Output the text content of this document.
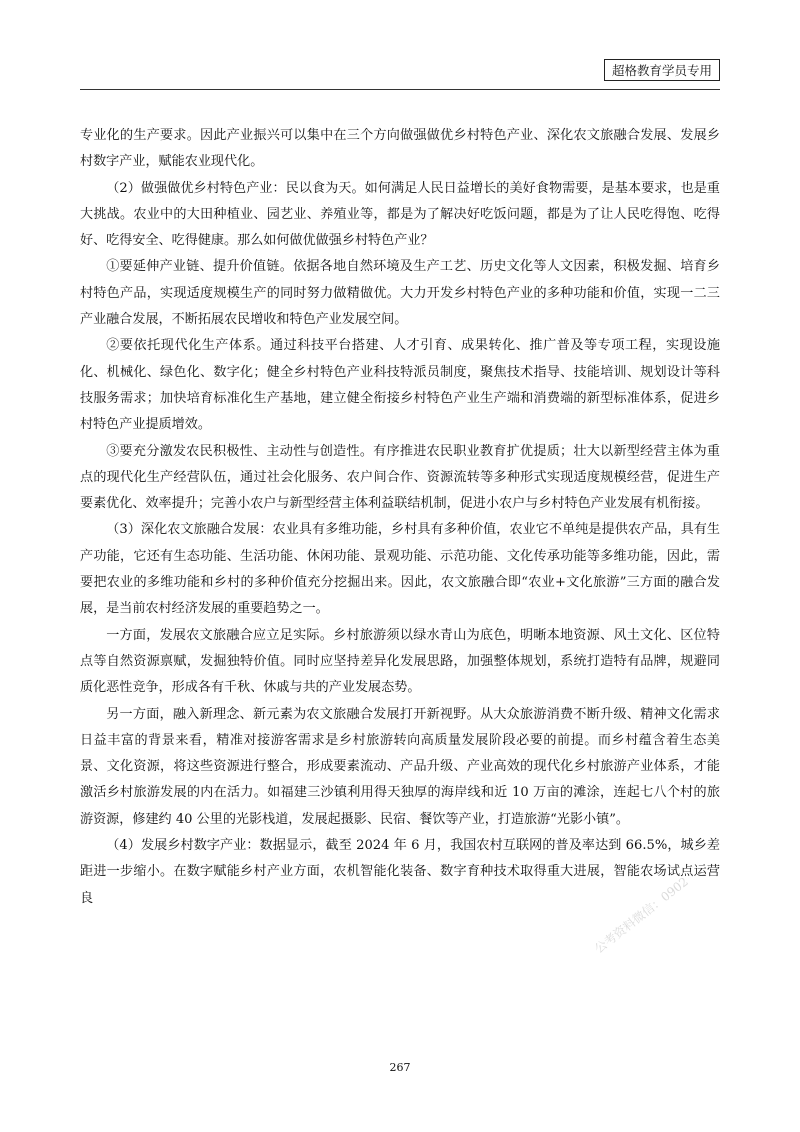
超格教育学员专用

专业化的生产要求。因此产业振兴可以集中在三个方向做强做优乡村特色产业、深化农文旅融合发展、发展乡村数字产业，赋能农业现代化。

（2）做强做优乡村特色产业：民以食为天。如何满足人民日益增长的美好食物需要，是基本要求，也是重大挑战。农业中的大田种植业、园艺业、养殖业等，都是为了解决好吃饭问题，都是为了让人民吃得饱、吃得好、吃得安全、吃得健康。那么如何做优做强乡村特色产业？

①要延伸产业链、提升价值链。依据各地自然环境及生产工艺、历史文化等人文因素，积极发掘、培育乡村特色产品，实现适度规模生产的同时努力做精做优。大力开发乡村特色产业的多种功能和价值，实现一二三产业融合发展，不断拓展农民增收和特色产业发展空间。

②要依托现代化生产体系。通过科技平台搭建、人才引育、成果转化、推广普及等专项工程，实现设施化、机械化、绿色化、数字化；健全乡村特色产业科技特派员制度，聚焦技术指导、技能培训、规划设计等科技服务需求；加快培育标准化生产基地，建立健全衔接乡村特色产业生产端和消费端的新型标准体系，促进乡村特色产业提质增效。

③要充分激发农民积极性、主动性与创造性。有序推进农民职业教育扩优提质；壮大以新型经营主体为重点的现代化生产经营队伍，通过社会化服务、农户间合作、资源流转等多种形式实现适度规模经营，促进生产要素优化、效率提升；完善小农户与新型经营主体利益联结机制，促进小农户与乡村特色产业发展有机衔接。

（3）深化农文旅融合发展：农业具有多维功能，乡村具有多种价值，农业它不单纯是提供农产品，具有生产功能，它还有生态功能、生活功能、休闲功能、景观功能、示范功能、文化传承功能等多维功能，因此，需要把农业的多维功能和乡村的多种价值充分挖掘出来。因此，农文旅融合即“农业+文化旅游”三方面的融合发展，是当前农村经济发展的重要趋势之一。

一方面，发展农文旅融合应立足实际。乡村旅游须以绿水青山为底色，明晰本地资源、风土文化、区位特点等自然资源禀赋，发掘独特价值。同时应坚持差异化发展思路，加强整体规划，系统打造特有品牌，规避同质化恶性竞争，形成各有千秋、休戚与共的产业发展态势。

另一方面，融入新理念、新元素为农文旅融合发展打开新视野。从大众旅游消费不断升级、精神文化需求日益丰富的背景来看，精准对接游客需求是乡村旅游转向高质量发展阶段必要的前提。而乡村蕴含着生态美景、文化资源，将这些资源进行整合，形成要素流动、产品升级、产业高效的现代化乡村旅游产业体系，才能激活乡村旅游发展的内在活力。如福建三沙镇利用得天独厚的海岸线和近 10 万亩的滩涂，连起七八个村的旅游资源，修建约 40 公里的光影栈道，发展起摄影、民宿、餐饮等产业，打造旅游“光影小镇”。

（4）发展乡村数字产业：数据显示，截至 2024 年 6 月，我国农村互联网的普及率达到 66.5%，城乡差距进一步缩小。在数字赋能乡村产业方面，农机智能化装备、数字育种技术取得重大进展，智能农场试点运营良	公考资料微信：0902
267
